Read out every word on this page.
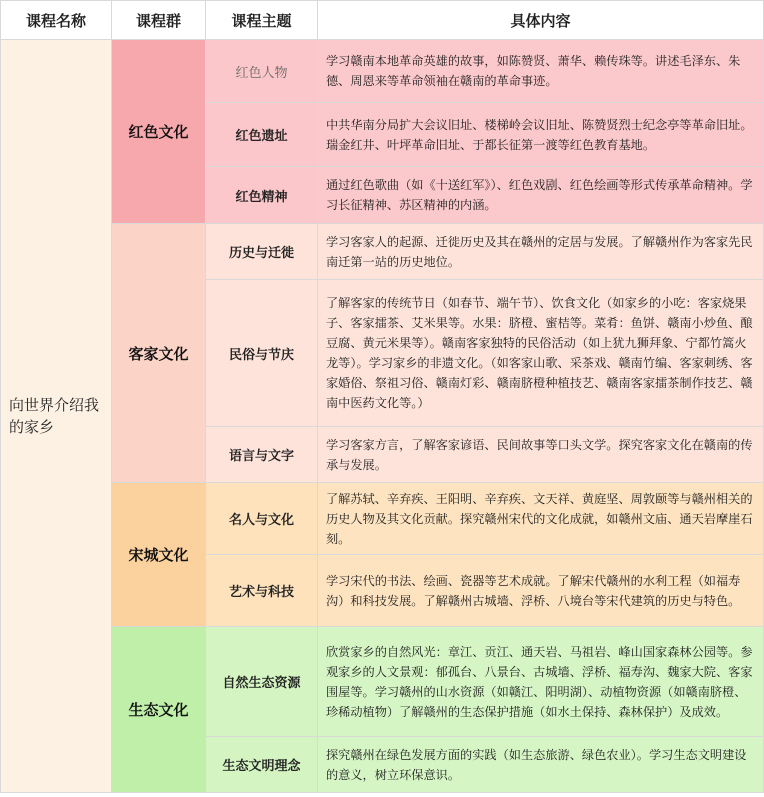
课程名称	课程群	课程主题	具体内容
向世界介绍我的家乡	红色文化	红色人物	学习赣南本地革命英雄的故事，如陈赞贤、萧华、赖传珠等。讲述毛泽东、朱德、周恩来等革命领袖在赣南的革命事迹。
		红色遗址	中共华南分局扩大会议旧址、楼梯岭会议旧址、陈赞贤烈士纪念亭等革命旧址。瑞金红井、叶坪革命旧址、于都长征第一渡等红色教育基地。
		红色精神	通过红色歌曲（如《十送红军》）、红色戏剧、红色绘画等形式传承革命精神。学习长征精神、苏区精神的内涵。
	客家文化	历史与迁徙	学习客家人的起源、迁徙历史及其在赣州的定居与发展。了解赣州作为客家先民南迁第一站的历史地位。
		民俗与节庆	了解客家的传统节日（如春节、端午节）、饮食文化（如家乡的小吃：客家烧果子、客家擂茶、艾米果等。水果：脐橙、蜜桔等。菜肴：鱼饼、赣南小炒鱼、酿豆腐、黄元米果等）。赣南客家独特的民俗活动（如上犹九狮拜象、宁都竹篙火龙等）。学习家乡的非遗文化。（如客家山歌、采茶戏、赣南竹编、客家刺绣、客家婚俗、祭祖习俗、赣南灯彩、赣南脐橙种植技艺、赣南客家擂茶制作技艺、赣南中医药文化等。）
		语言与文字	学习客家方言，了解客家谚语、民间故事等口头文学。探究客家文化在赣南的传承与发展。
	宋城文化	名人与文化	了解苏轼、辛弃疾、王阳明、辛弃疾、文天祥、黄庭坚、周敦颐等与赣州相关的历史人物及其文化贡献。探究赣州宋代的文化成就，如赣州文庙、通天岩摩崖石刻。
		艺术与科技	学习宋代的书法、绘画、瓷器等艺术成就。了解宋代赣州的水利工程（如福寿沟）和科技发展。了解赣州古城墙、浮桥、八境台等宋代建筑的历史与特色。
	生态文化	自然生态资源	欣赏家乡的自然风光：章江、贡江、通天岩、马祖岩、峰山国家森林公园等。参观家乡的人文景观：郁孤台、八景台、古城墙、浮桥、福寿沟、魏家大院、客家围屋等。学习赣州的山水资源（如赣江、阳明湖）、动植物资源（如赣南脐橙、珍稀动植物）了解赣州的生态保护措施（如水土保持、森林保护）及成效。
		生态文明理念	探究赣州在绿色发展方面的实践（如生态旅游、绿色农业）。学习生态文明建设的意义，树立环保意识。
